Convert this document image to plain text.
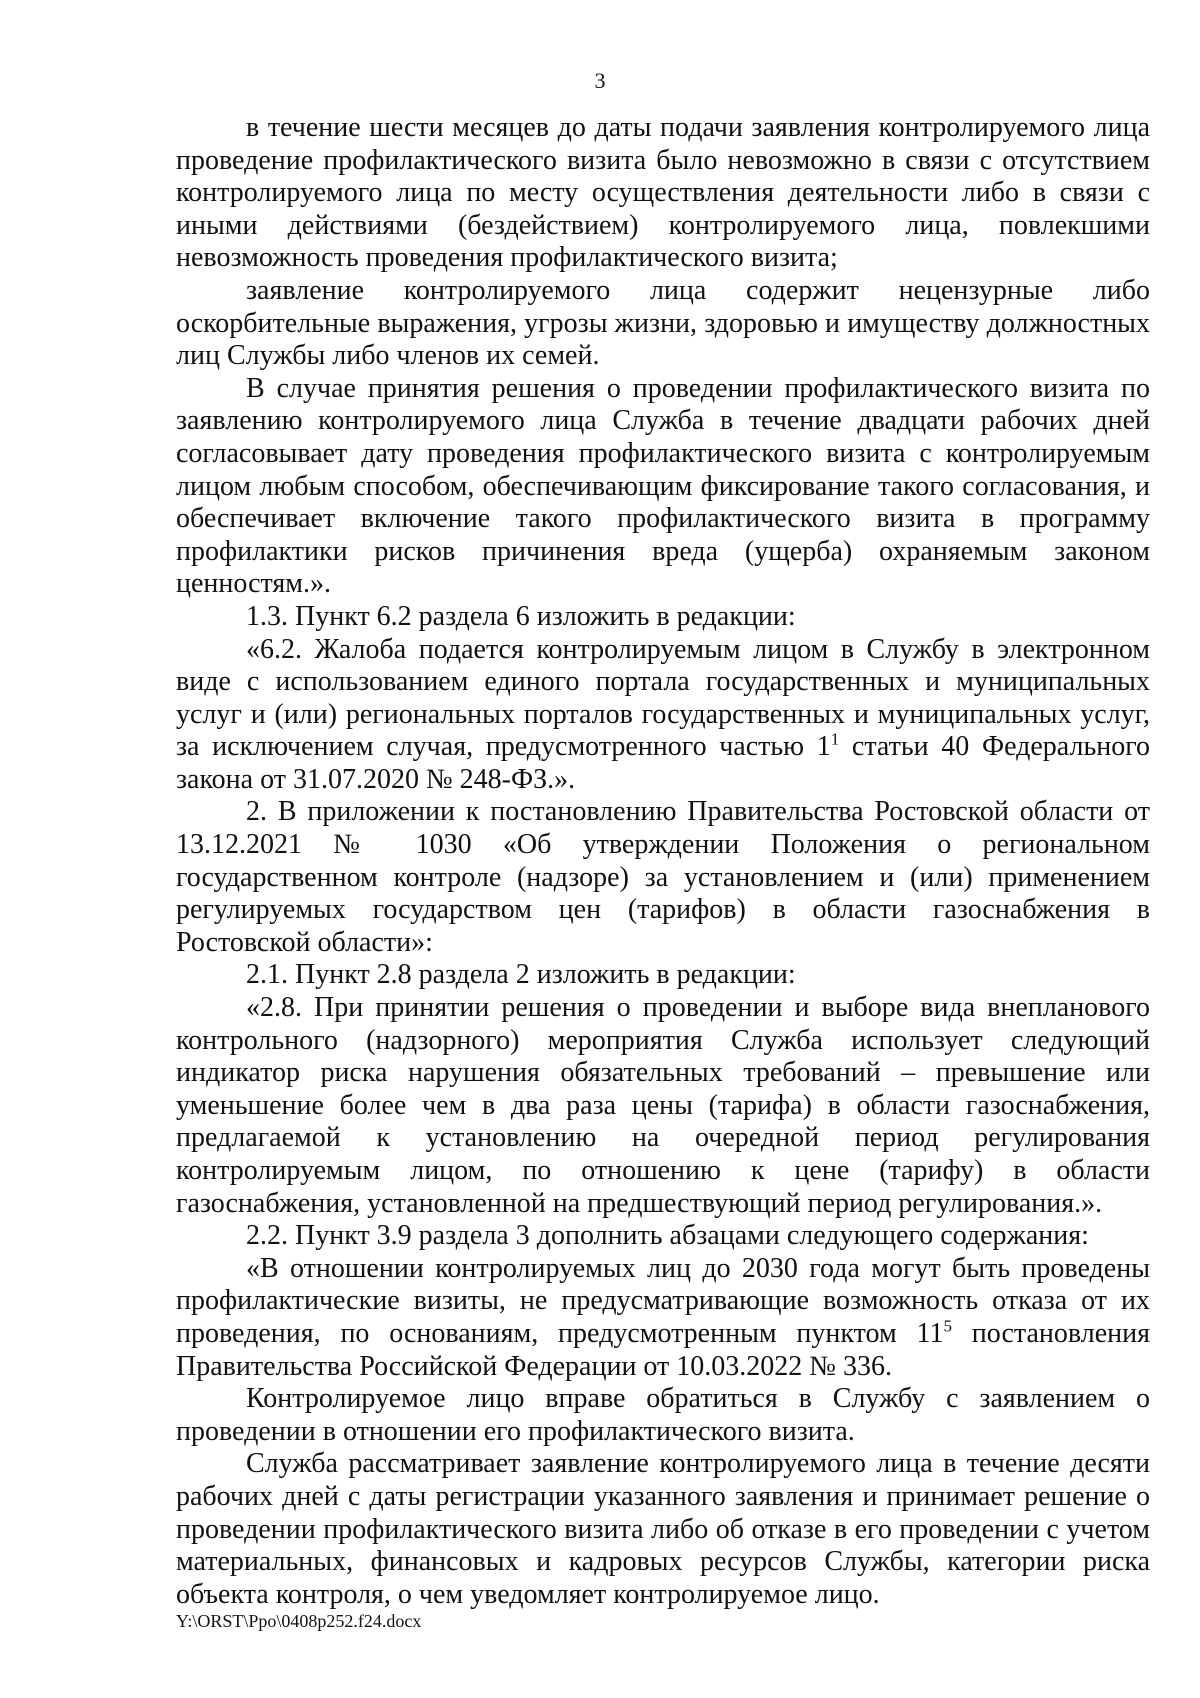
3

в течение шести месяцев до даты подачи заявления контролируемого лица проведение профилактического визита было невозможно в связи с отсутствием контролируемого лица по месту осуществления деятельности либо в связи с иными действиями (бездействием) контролируемого лица, повлекшими невозможность проведения профилактического визита;

заявление контролируемого лица содержит нецензурные либо оскорбительные выражения, угрозы жизни, здоровью и имуществу должностных лиц Службы либо членов их семей.

В случае принятия решения о проведении профилактического визита по заявлению контролируемого лица Служба в течение двадцати рабочих дней согласовывает дату проведения профилактического визита с контролируемым лицом любым способом, обеспечивающим фиксирование такого согласования, и обеспечивает включение такого профилактического визита в программу профилактики рисков причинения вреда (ущерба) охраняемым законом ценностям.».

1.3. Пункт 6.2 раздела 6 изложить в редакции:

«6.2. Жалоба подается контролируемым лицом в Службу в электронном виде с использованием единого портала государственных и муниципальных услуг и (или) региональных порталов государственных и муниципальных услуг, за исключением случая, предусмотренного частью $1^1$ статьи 40 Федерального закона от 31.07.2020 № 248-ФЗ.».

2. В приложении к постановлению Правительства Ростовской области от 13.12.2021 № 1030 «Об утверждении Положения о региональном государственном контроле (надзоре) за установлением и (или) применением регулируемых государством цен (тарифов) в области газоснабжения в Ростовской области»:

2.1. Пункт 2.8 раздела 2 изложить в редакции:

«2.8. При принятии решения о проведении и выборе вида внепланового контрольного (надзорного) мероприятия Служба использует следующий индикатор риска нарушения обязательных требований – превышение или уменьшение более чем в два раза цены (тарифа) в области газоснабжения, предлагаемой к установлению на очередной период регулирования контролируемым лицом, по отношению к цене (тарифу) в области газоснабжения, установленной на предшествующий период регулирования.».

2.2. Пункт 3.9 раздела 3 дополнить абзацами следующего содержания:

«В отношении контролируемых лиц до 2030 года могут быть проведены профилактические визиты, не предусматривающие возможность отказа от их проведения, по основаниям, предусмотренным пунктом $11^5$ постановления Правительства Российской Федерации от 10.03.2022 № 336.

Контролируемое лицо вправе обратиться в Службу с заявлением о проведении в отношении его профилактического визита.

Служба рассматривает заявление контролируемого лица в течение десяти рабочих дней с даты регистрации указанного заявления и принимает решение о проведении профилактического визита либо об отказе в его проведении с учетом материальных, финансовых и кадровых ресурсов Службы, категории риска объекта контроля, о чем уведомляет контролируемое лицо.

Y:\ORST\Ppo\0408p252.f24.docx
